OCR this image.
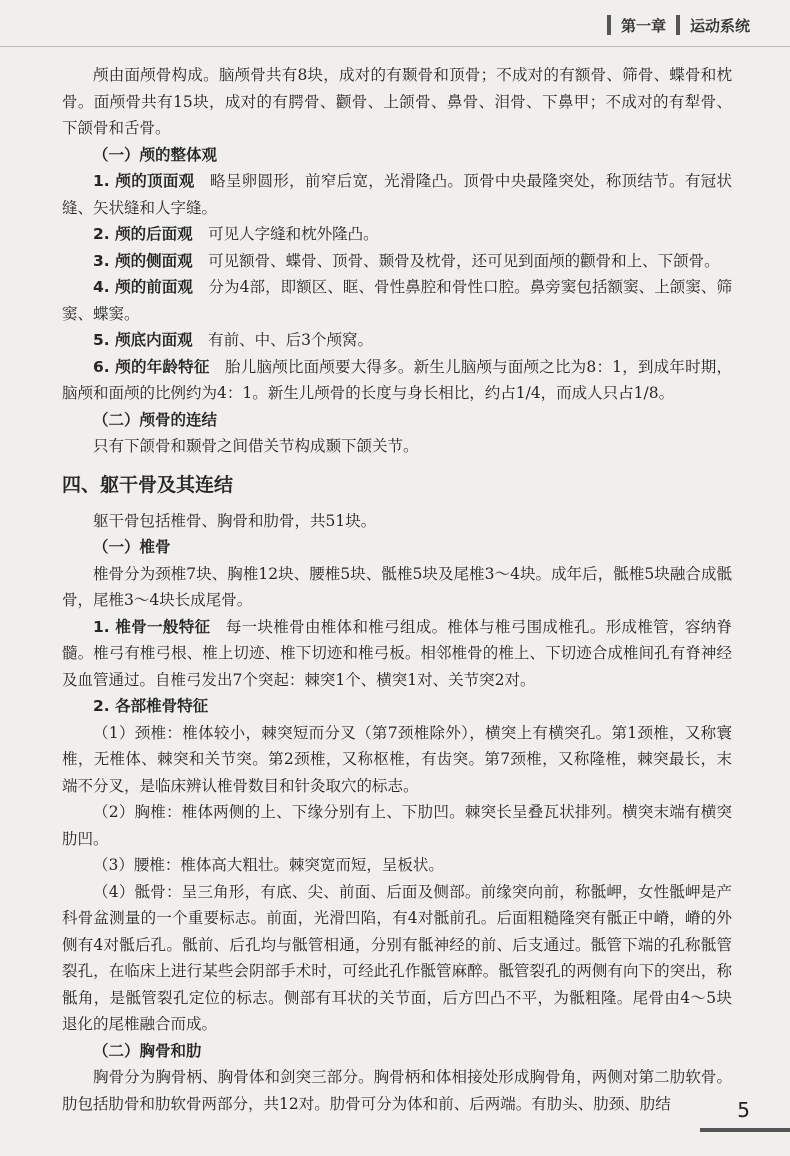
第一章 运动系统

颅由面颅骨构成。脑颅骨共有8块，成对的有颞骨和顶骨；不成对的有额骨、筛骨、蝶骨和枕骨。面颅骨共有15块，成对的有腭骨、颧骨、上颌骨、鼻骨、泪骨、下鼻甲；不成对的有犁骨、下颌骨和舌骨。

（一）颅的整体观

1. 颅的顶面观 略呈卵圆形，前窄后宽，光滑隆凸。顶骨中央最隆突处，称顶结节。有冠状缝、矢状缝和人字缝。

2. 颅的后面观 可见人字缝和枕外隆凸。

3. 颅的侧面观 可见额骨、蝶骨、顶骨、颞骨及枕骨，还可见到面颅的颧骨和上、下颌骨。

4. 颅的前面观 分为4部，即额区、眶、骨性鼻腔和骨性口腔。鼻旁窦包括额窦、上颌窦、筛窦、蝶窦。

5. 颅底内面观 有前、中、后3个颅窝。

6. 颅的年龄特征 胎儿脑颅比面颅要大得多。新生儿脑颅与面颅之比为8：1，到成年时期，脑颅和面颅的比例约为4：1。新生儿颅骨的长度与身长相比，约占1/4，而成人只占1/8。

（二）颅骨的连结

只有下颌骨和颞骨之间借关节构成颞下颌关节。

四、躯干骨及其连结

躯干骨包括椎骨、胸骨和肋骨，共51块。

（一）椎骨

椎骨分为颈椎7块、胸椎12块、腰椎5块、骶椎5块及尾椎3～4块。成年后，骶椎5块融合成骶骨，尾椎3～4块长成尾骨。

1. 椎骨一般特征 每一块椎骨由椎体和椎弓组成。椎体与椎弓围成椎孔。形成椎管，容纳脊髓。椎弓有椎弓根、椎上切迹、椎下切迹和椎弓板。相邻椎骨的椎上、下切迹合成椎间孔有脊神经及血管通过。自椎弓发出7个突起：棘突1个、横突1对、关节突2对。

2. 各部椎骨特征

（1）颈椎：椎体较小，棘突短而分叉（第7颈椎除外），横突上有横突孔。第1颈椎，又称寰椎，无椎体、棘突和关节突。第2颈椎，又称枢椎，有齿突。第7颈椎，又称隆椎，棘突最长，末端不分叉，是临床辨认椎骨数目和针灸取穴的标志。

（2）胸椎：椎体两侧的上、下缘分别有上、下肋凹。棘突长呈叠瓦状排列。横突末端有横突肋凹。

（3）腰椎：椎体高大粗壮。棘突宽而短，呈板状。

（4）骶骨：呈三角形，有底、尖、前面、后面及侧部。前缘突向前，称骶岬，女性骶岬是产科骨盆测量的一个重要标志。前面，光滑凹陷，有4对骶前孔。后面粗糙隆突有骶正中嵴，嵴的外侧有4对骶后孔。骶前、后孔均与骶管相通，分别有骶神经的前、后支通过。骶管下端的孔称骶管裂孔，在临床上进行某些会阴部手术时，可经此孔作骶管麻醉。骶管裂孔的两侧有向下的突出，称骶角，是骶管裂孔定位的标志。侧部有耳状的关节面，后方凹凸不平，为骶粗隆。尾骨由4～5块退化的尾椎融合而成。

（二）胸骨和肋

胸骨分为胸骨柄、胸骨体和剑突三部分。胸骨柄和体相接处形成胸骨角，两侧对第二肋软骨。肋包括肋骨和肋软骨两部分，共12对。肋骨可分为体和前、后两端。有肋头、肋颈、肋结	5
